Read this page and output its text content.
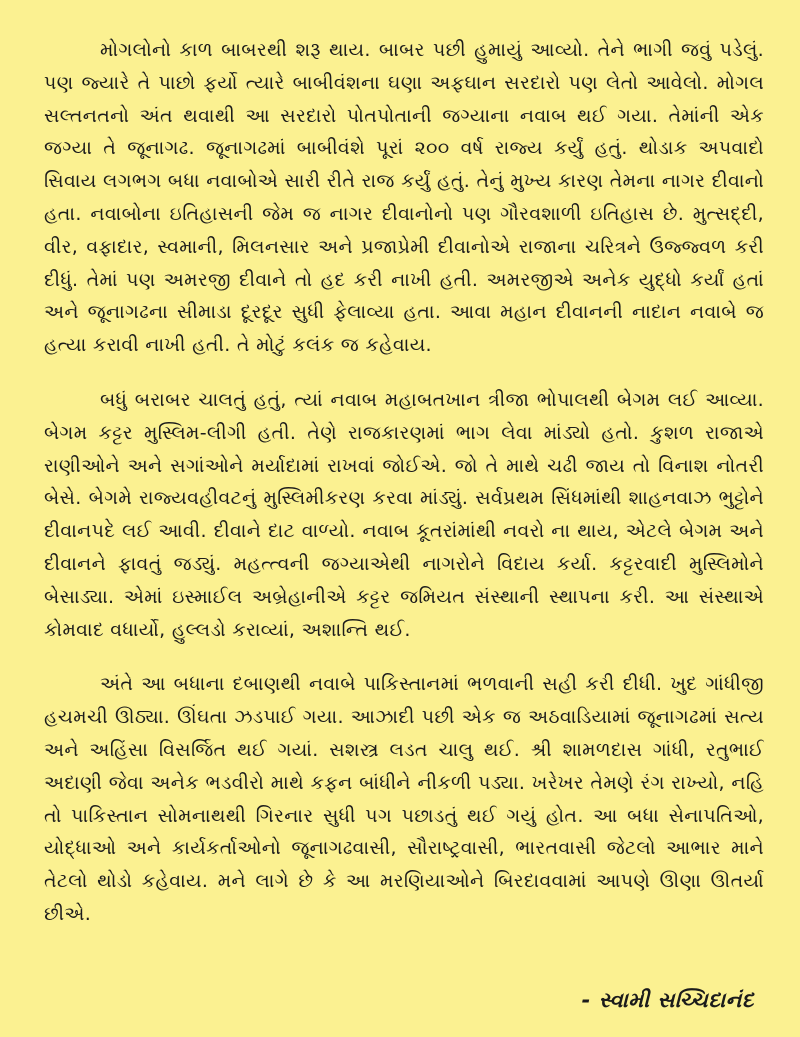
મોગલોનો કાળ બાબરથી શરૂ થાય. બાબર પછી હુમાયું આવ્યો. તેને ભાગી જવું પડેલું. પણ જ્યારે તે પાછો ફર્યો ત્યારે બાબીવંશના ઘણા અફઘાન સરદારો પણ લેતો આવેલો. મોગલ સલ્તનતનો અંત થવાથી આ સરદારો પોતપોતાની જગ્યાના નવાબ થઈ ગયા. તેમાંની એક જગ્યા તે જૂનાગઢ. જૂનાગઢમાં બાબીવંશે પૂરાં ૨૦૦ વર્ષ રાજ્ય કર્યું હતું. થોડાક અપવાદો સિવાય લગભગ બધા નવાબોએ સારી રીતે રાજ કર્યું હતું. તેનું મુખ્ય કારણ તેમના નાગર દીવાનો હતા. નવાબોના ઇતિહાસની જેમ જ નાગર દીવાનોનો પણ ગૌરવશાળી ઇતિહાસ છે. મુત્સદ્દી, વીર, વફાદાર, સ્વમાની, મિલનસાર અને પ્રજાપ્રેમી દીવાનોએ રાજાના ચરિત્રને ઉજ્જ્વળ કરી દીધું. તેમાં પણ અમરજી દીવાને તો હદ કરી નાખી હતી. અમરજીએ અનેક યુદ્ધો કર્યાં હતાં અને જૂનાગઢના સીમાડા દૂરદૂર સુધી ફેલાવ્યા હતા. આવા મહાન દીવાનની નાદાન નવાબે જ હત્યા કરાવી નાખી હતી. તે મોટું કલંક જ કહેવાય.

બધું બરાબર ચાલતું હતું, ત્યાં નવાબ મહાબતખાન ત્રીજા ભોપાલથી બેગમ લઈ આવ્યા. બેગમ કટ્ટર મુસ્લિમ-લીગી હતી. તેણે રાજકારણમાં ભાગ લેવા માંડ્યો હતો. કુશળ રાજાએ રાણીઓને અને સગાંઓને મર્યાદામાં રાખવાં જોઈએ. જો તે માથે ચઢી જાય તો વિનાશ નોતરી બેસે. બેગમે રાજ્યવહીવટનું મુસ્લિમીકરણ કરવા માંડ્યું. સર્વપ્રથમ સિંધમાંથી શાહનવાઝ ભુટ્ટોને દીવાનપદે લઈ આવી. દીવાને દાટ વાળ્યો. નવાબ કૂતરાંમાંથી નવરો ના થાય, એટલે બેગમ અને દીવાનને ફાવતું જડ્યું. મહત્ત્વની જગ્યાએથી નાગરોને વિદાય કર્યા. કટ્ટરવાદી મુસ્લિમોને બેસાડ્યા. એમાં ઇસ્માઈલ અબ્રેહાનીએ કટ્ટર જમિયત સંસ્થાની સ્થાપના કરી. આ સંસ્થાએ કોમવાદ વધાર્યો, હુલ્લડો કરાવ્યાં, અશાન્તિ થઈ.

અંતે આ બધાના દબાણથી નવાબે પાકિસ્તાનમાં ભળવાની સહી કરી દીધી. ખુદ ગાંધીજી હચમચી ઊઠ્યા. ઊંઘતા ઝડપાઈ ગયા. આઝાદી પછી એક જ અઠવાડિયામાં જૂનાગઢમાં સત્ય અને અહિંસા વિસર્જિત થઈ ગયાં. સશસ્ત્ર લડત ચાલુ થઈ. શ્રી શામળદાસ ગાંધી, રતુભાઈ અદાણી જેવા અનેક ભડવીરો માથે કફન બાંધીને નીકળી પડ્યા. ખરેખર તેમણે રંગ રાખ્યો, નહિ તો પાકિસ્તાન સોમનાથથી ગિરનાર સુધી પગ પછાડતું થઈ ગયું હોત. આ બધા સેનાપતિઓ, યોદ્ધાઓ અને કાર્યકર્તાઓનો જૂનાગઢવાસી, સૌરાષ્ટ્રવાસી, ભારતવાસી જેટલો આભાર માને તેટલો થોડો કહેવાય. મને લાગે છે કે આ મરણિયાઓને બિરદાવવામાં આપણે ઊણા ઊતર્યા છીએ.

- સ્વામી સચ્ચિદાનંદ
